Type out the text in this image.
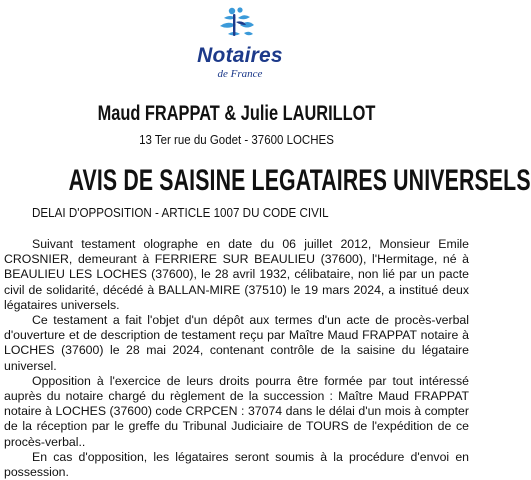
Notaires
de France
Maud FRAPPAT & Julie LAURILLOT
13 Ter rue du Godet - 37600 LOCHES
AVIS DE SAISINE LEGATAIRES UNIVERSELS
DELAI D'OPPOSITION - ARTICLE 1007 DU CODE CIVIL

Suivant testament olographe en date du 06 juillet 2012, Monsieur Emile CROSNIER, demeurant à FERRIERE SUR BEAULIEU (37600), l'Hermitage, né à BEAULIEU LES LOCHES (37600), le 28 avril 1932, célibataire, non lié par un pacte civil de solidarité, décédé à BALLAN-MIRE (37510) le 19 mars 2024, a institué deux légataires universels.

Ce testament a fait l'objet d'un dépôt aux termes d'un acte de procès-verbal d'ouverture et de description de testament reçu par Maître Maud FRAPPAT notaire à LOCHES (37600) le 28 mai 2024, contenant contrôle de la saisine du légataire universel.

Opposition à l'exercice de leurs droits pourra être formée par tout intéressé auprès du notaire chargé du règlement de la succession : Maître Maud FRAPPAT notaire à LOCHES (37600) code CRPCEN : 37074 dans le délai d'un mois à compter de la réception par le greffe du Tribunal Judiciaire de TOURS de l'expédition de ce procès-verbal..

En cas d'opposition, les légataires seront soumis à la procédure d'envoi en possession.
